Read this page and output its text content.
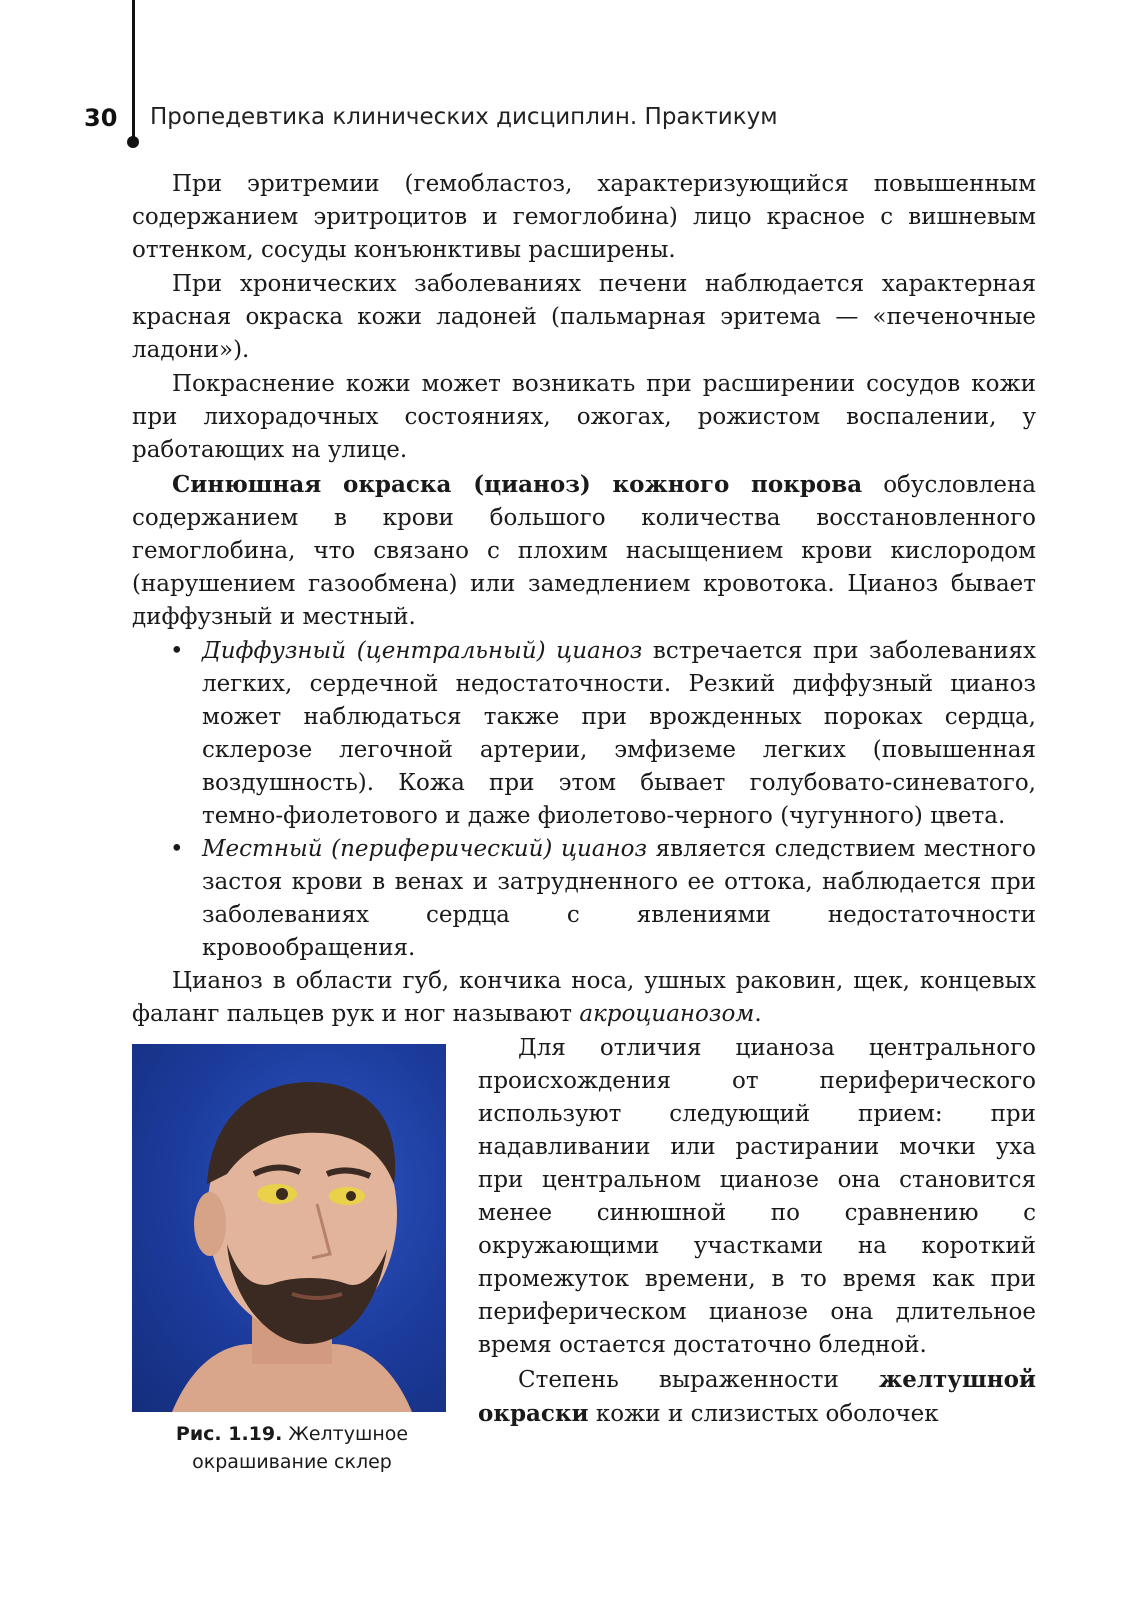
30 Пропедевтика клинических дисциплин. Практикум

При эритремии (гемобластоз, характеризующийся повышенным содержанием эритроцитов и гемоглобина) лицо красное с вишневым оттенком, сосуды конъюнктивы расширены.

При хронических заболеваниях печени наблюдается характерная красная окраска кожи ладоней (пальмарная эритема — «печеночные ладони»).

Покраснение кожи может возникать при расширении сосудов кожи при лихорадочных состояниях, ожогах, рожистом воспалении, у работающих на улице.

Синюшная окраска (цианоз) кожного покрова обусловлена содержанием в крови большого количества восстановленного гемоглобина, что связано с плохим насыщением крови кислородом (нарушением газообмена) или замедлением кровотока. Цианоз бывает диффузный и местный.

• Диффузный (центральный) цианоз встречается при заболеваниях легких, сердечной недостаточности. Резкий диффузный цианоз может наблюдаться также при врожденных пороках сердца, склерозе легочной артерии, эмфиземе легких (повышенная воздушность). Кожа при этом бывает голубовато-синеватого, темно-фиолетового и даже фиолетово-черного (чугунного) цвета.
• Местный (периферический) цианоз является следствием местного застоя крови в венах и затрудненного ее оттока, наблюдается при заболеваниях сердца с явлениями недостаточности кровообращения.

Цианоз в области губ, кончика носа, ушных раковин, щек, концевых фаланг пальцев рук и ног называют акроцианозом.

Рис. 1.19. Желтушное окрашивание склер

Для отличия цианоза центрального происхождения от периферического используют следующий прием: при надавливании или растирании мочки уха при центральном цианозе она становится менее синюшной по сравнению с окружающими участками на короткий промежуток времени, в то время как при периферическом цианозе она длительное время остается достаточно бледной.

Степень выраженности желтушной окраски кожи и слизистых оболочек
